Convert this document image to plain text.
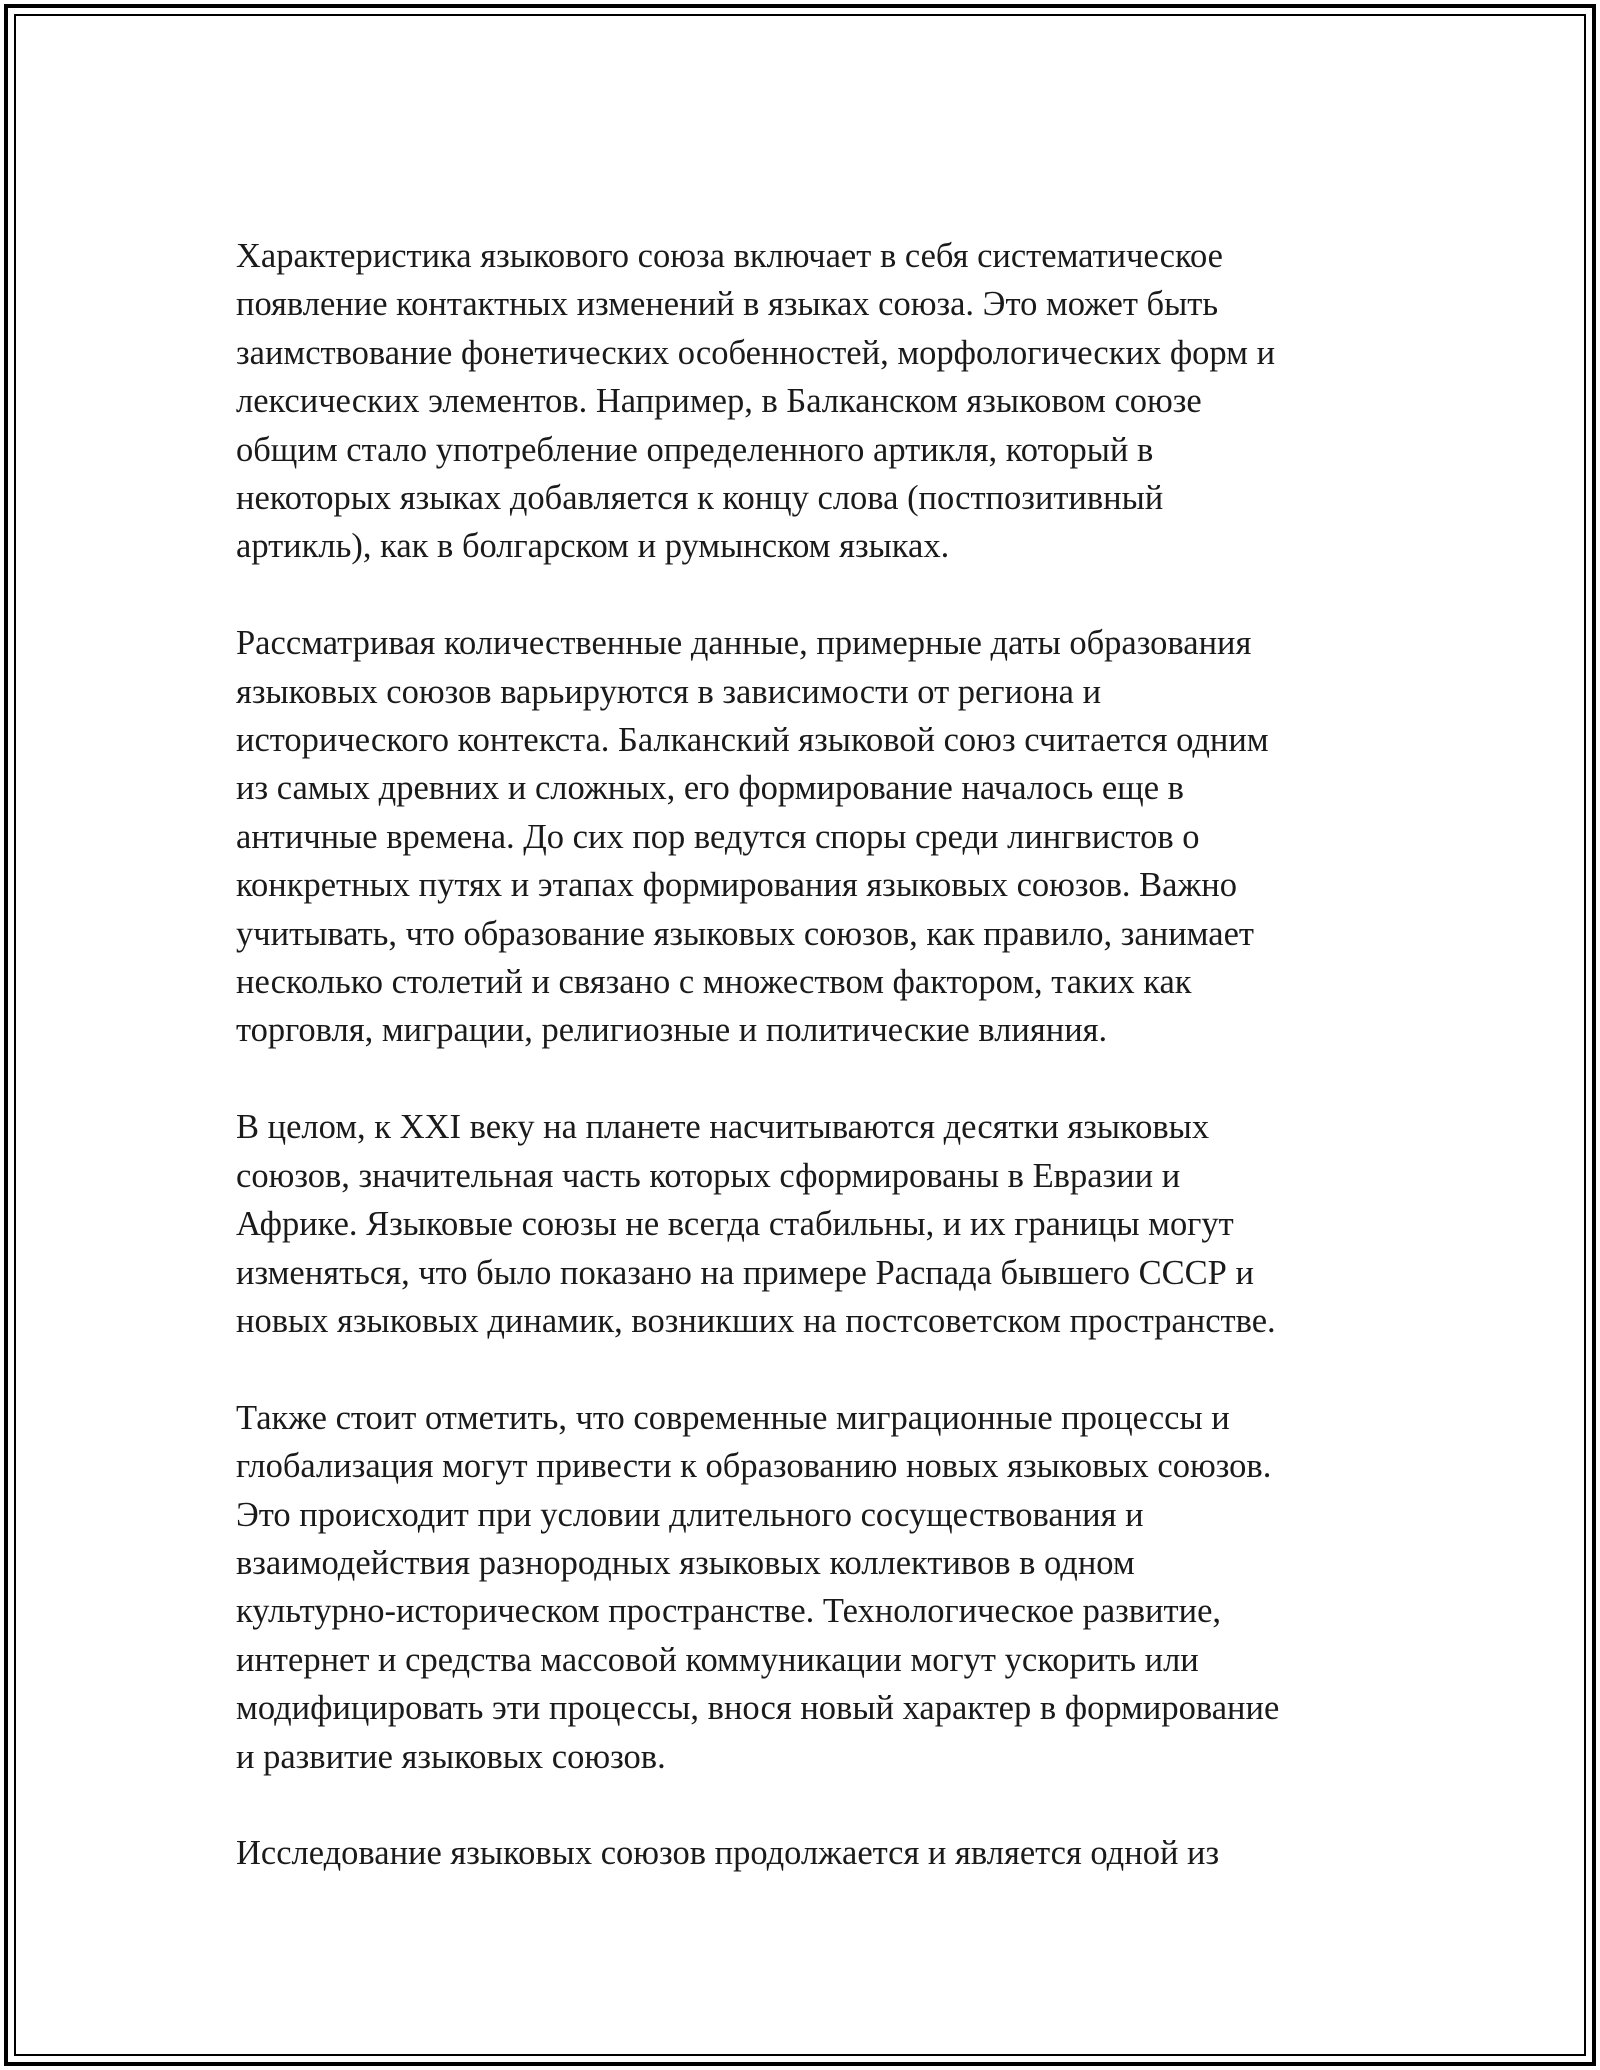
Характеристика языкового союза включает в себя систематическое
появление контактных изменений в языках союза. Это может быть
заимствование фонетических особенностей, морфологических форм и
лексических элементов. Например, в Балканском языковом союзе
общим стало употребление определенного артикля, который в
некоторых языках добавляется к концу слова (постпозитивный
артикль), как в болгарском и румынском языках.

Рассматривая количественные данные, примерные даты образования
языковых союзов варьируются в зависимости от региона и
исторического контекста. Балканский языковой союз считается одним
из самых древних и сложных, его формирование началось еще в
античные времена. До сих пор ведутся споры среди лингвистов о
конкретных путях и этапах формирования языковых союзов. Важно
учитывать, что образование языковых союзов, как правило, занимает
несколько столетий и связано с множеством фактором, таких как
торговля, миграции, религиозные и политические влияния.

В целом, к XXI веку на планете насчитываются десятки языковых
союзов, значительная часть которых сформированы в Евразии и
Африке. Языковые союзы не всегда стабильны, и их границы могут
изменяться, что было показано на примере Распада бывшего СССР и
новых языковых динамик, возникших на постсоветском пространстве.

Также стоит отметить, что современные миграционные процессы и
глобализация могут привести к образованию новых языковых союзов.
Это происходит при условии длительного сосуществования и
взаимодействия разнородных языковых коллективов в одном
культурно-историческом пространстве. Технологическое развитие,
интернет и средства массовой коммуникации могут ускорить или
модифицировать эти процессы, внося новый характер в формирование
и развитие языковых союзов.

Исследование языковых союзов продолжается и является одной из
